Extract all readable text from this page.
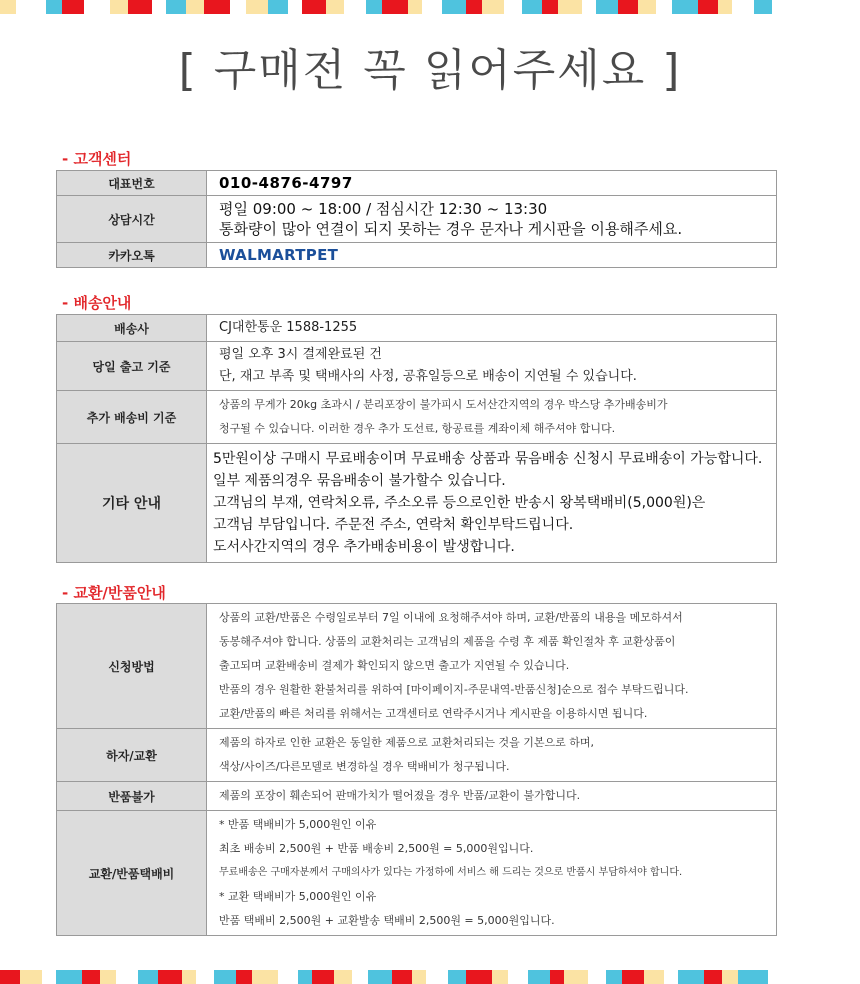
[ 구매전 꼭 읽어주세요 ]
- 고객센터
대표번호	010-4876-4797
상담시간	평일 09:00 ~ 18:00 / 점심시간 12:30 ~ 13:30
통화량이 많아 연결이 되지 못하는 경우 문자나 게시판을 이용해주세요.

카카오톡	WALMARTPET
- 배송안내
배송사	CJ대한통운 1588-1255
당일 출고 기준	평일 오후 3시 결제완료된 건
단, 재고 부족 및 택배사의 사정, 공휴일등으로 배송이 지연될 수 있습니다.

추가 배송비 기준	상품의 무게가 20kg 초과시 / 분리포장이 불가피시 도서산간지역의 경우 박스당 추가배송비가
청구될 수 있습니다. 이러한 경우 추가 도선료, 항공료를 계좌이체 해주셔야 합니다.

기타 안내	5만원이상 구매시 무료배송이며 무료배송 상품과 묶음배송 신청시 무료배송이 가능합니다.
일부 제품의경우 묶음배송이 불가할수 있습니다.
고객님의 부재, 연락처오류, 주소오류 등으로인한 반송시 왕복택배비(5,000원)은
고객님 부담입니다. 주문전 주소, 연락처 확인부탁드립니다.
도서사간지역의 경우 추가배송비용이 발생합니다.
- 교환/반품안내
신청방법	상품의 교환/반품은 수령일로부터 7일 이내에 요청해주셔야 하며, 교환/반품의 내용을 메모하셔서
동봉해주셔야 합니다. 상품의 교환처리는 고객님의 제품을 수령 후 제품 확인절차 후 교환상품이
출고되며 교환배송비 결제가 확인되지 않으면 출고가 지연될 수 있습니다.
반품의 경우 원활한 환불처리를 위하여 [마이페이지-주문내역-반품신청]순으로 접수 부탁드립니다.
교환/반품의 빠른 처리를 위해서는 고객센터로 연락주시거나 게시판을 이용하시면 됩니다.

하자/교환	제품의 하자로 인한 교환은 동일한 제품으로 교환처리되는 것을 기본으로 하며,
색상/사이즈/다른모델로 변경하실 경우 택배비가 청구됩니다.

반품불가	제품의 포장이 훼손되어 판매가치가 떨어졌을 경우 반품/교환이 불가합니다.
교환/반품택배비	* 반품 택배비가 5,000원인 이유
최초 배송비 2,500원 + 반품 배송비 2,500원 = 5,000원입니다.
무료배송은 구매자분께서 구매의사가 있다는 가정하에 서비스 해 드리는 것으로 반품시 부담하셔야 합니다.
* 교환 택배비가 5,000원인 이유
반품 택배비 2,500원 + 교환발송 택배비 2,500원 = 5,000원입니다.
